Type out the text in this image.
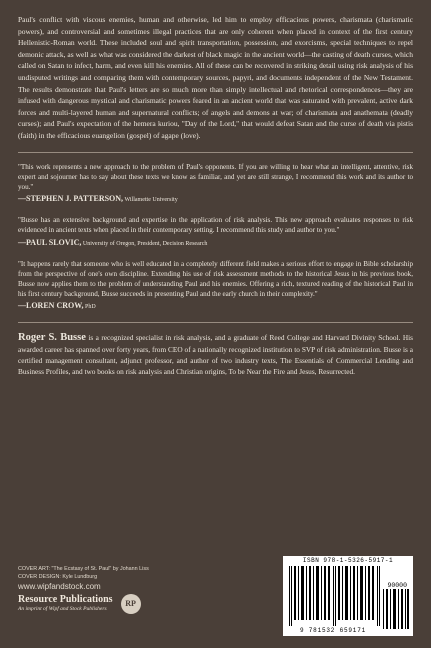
Paul's conflict with viscous enemies, human and otherwise, led him to employ efficacious powers, charismata (charismatic powers), and controversial and sometimes illegal practices that are only coherent when placed in context of the first century Hellenistic-Roman world. These included soul and spirit transportation, possession, and exorcisms, special techniques to repel demonic attack, as well as what was considered the darkest of black magic in the ancient world—the casting of death curses, which called on Satan to infect, harm, and even kill his enemies. All of these can be recovered in striking detail using risk analysis of his undisputed writings and comparing them with contemporary sources, papyri, and documents independent of the New Testament. The results demonstrate that Paul's letters are so much more than simply intellectual and rhetorical correspondences—they are infused with dangerous mystical and charismatic powers feared in an ancient world that was saturated with prevalent, active dark forces and multi-layered human and supernatural conflicts; of angels and demons at war; of charismata and anathemata (deadly curses); and Paul's expectation of the hemera kuriou, "Day of the Lord," that would defeat Satan and the curse of death via pistis (faith) in the efficacious euangelion (gospel) of agape (love).

"This work represents a new approach to the problem of Paul's opponents. If you are willing to hear what an intelligent, attentive, risk expert and sojourner has to say about these texts we know as familiar, and yet are still strange, I recommend this work and its author to you."

—STEPHEN J. PATTERSON, Willamette University

"Busse has an extensive background and expertise in the application of risk analysis. This new approach evaluates responses to risk evidenced in ancient texts when placed in their contemporary setting. I recommend this study and author to you."

—PAUL SLOVIC, University of Oregon, President, Decision Research

"It happens rarely that someone who is well educated in a completely different field makes a serious effort to engage in Bible scholarship from the perspective of one's own discipline. Extending his use of risk assessment methods to the historical Jesus in his previous book, Busse now applies them to the problem of understanding Paul and his enemies. Offering a rich, textured reading of the historical Paul in his first century background, Busse succeeds in presenting Paul and the early church in their complexity."

—LOREN CROW, PhD

Roger S. Busse is a recognized specialist in risk analysis, and a graduate of Reed College and Harvard Divinity School. His awarded career has spanned over forty years, from CEO of a nationally recognized institution to SVP of risk administration. Busse is a certified management consultant, adjunct professor, and author of two industry texts, The Essentials of Commercial Lending and Business Profiles, and two books on risk analysis and Christian origins, To be Near the Fire and Jesus, Resurrected.

COVER ART: "The Ecstasy of St. Paul" by Johann Liss
COVER DESIGN: Kyle Lundburg
www.wipfandstock.com
Resource Publications
An imprint of Wipf and Stock Publishers
RP
ISBN 978-1-5326-5917-1
90000
9 781532 659171
